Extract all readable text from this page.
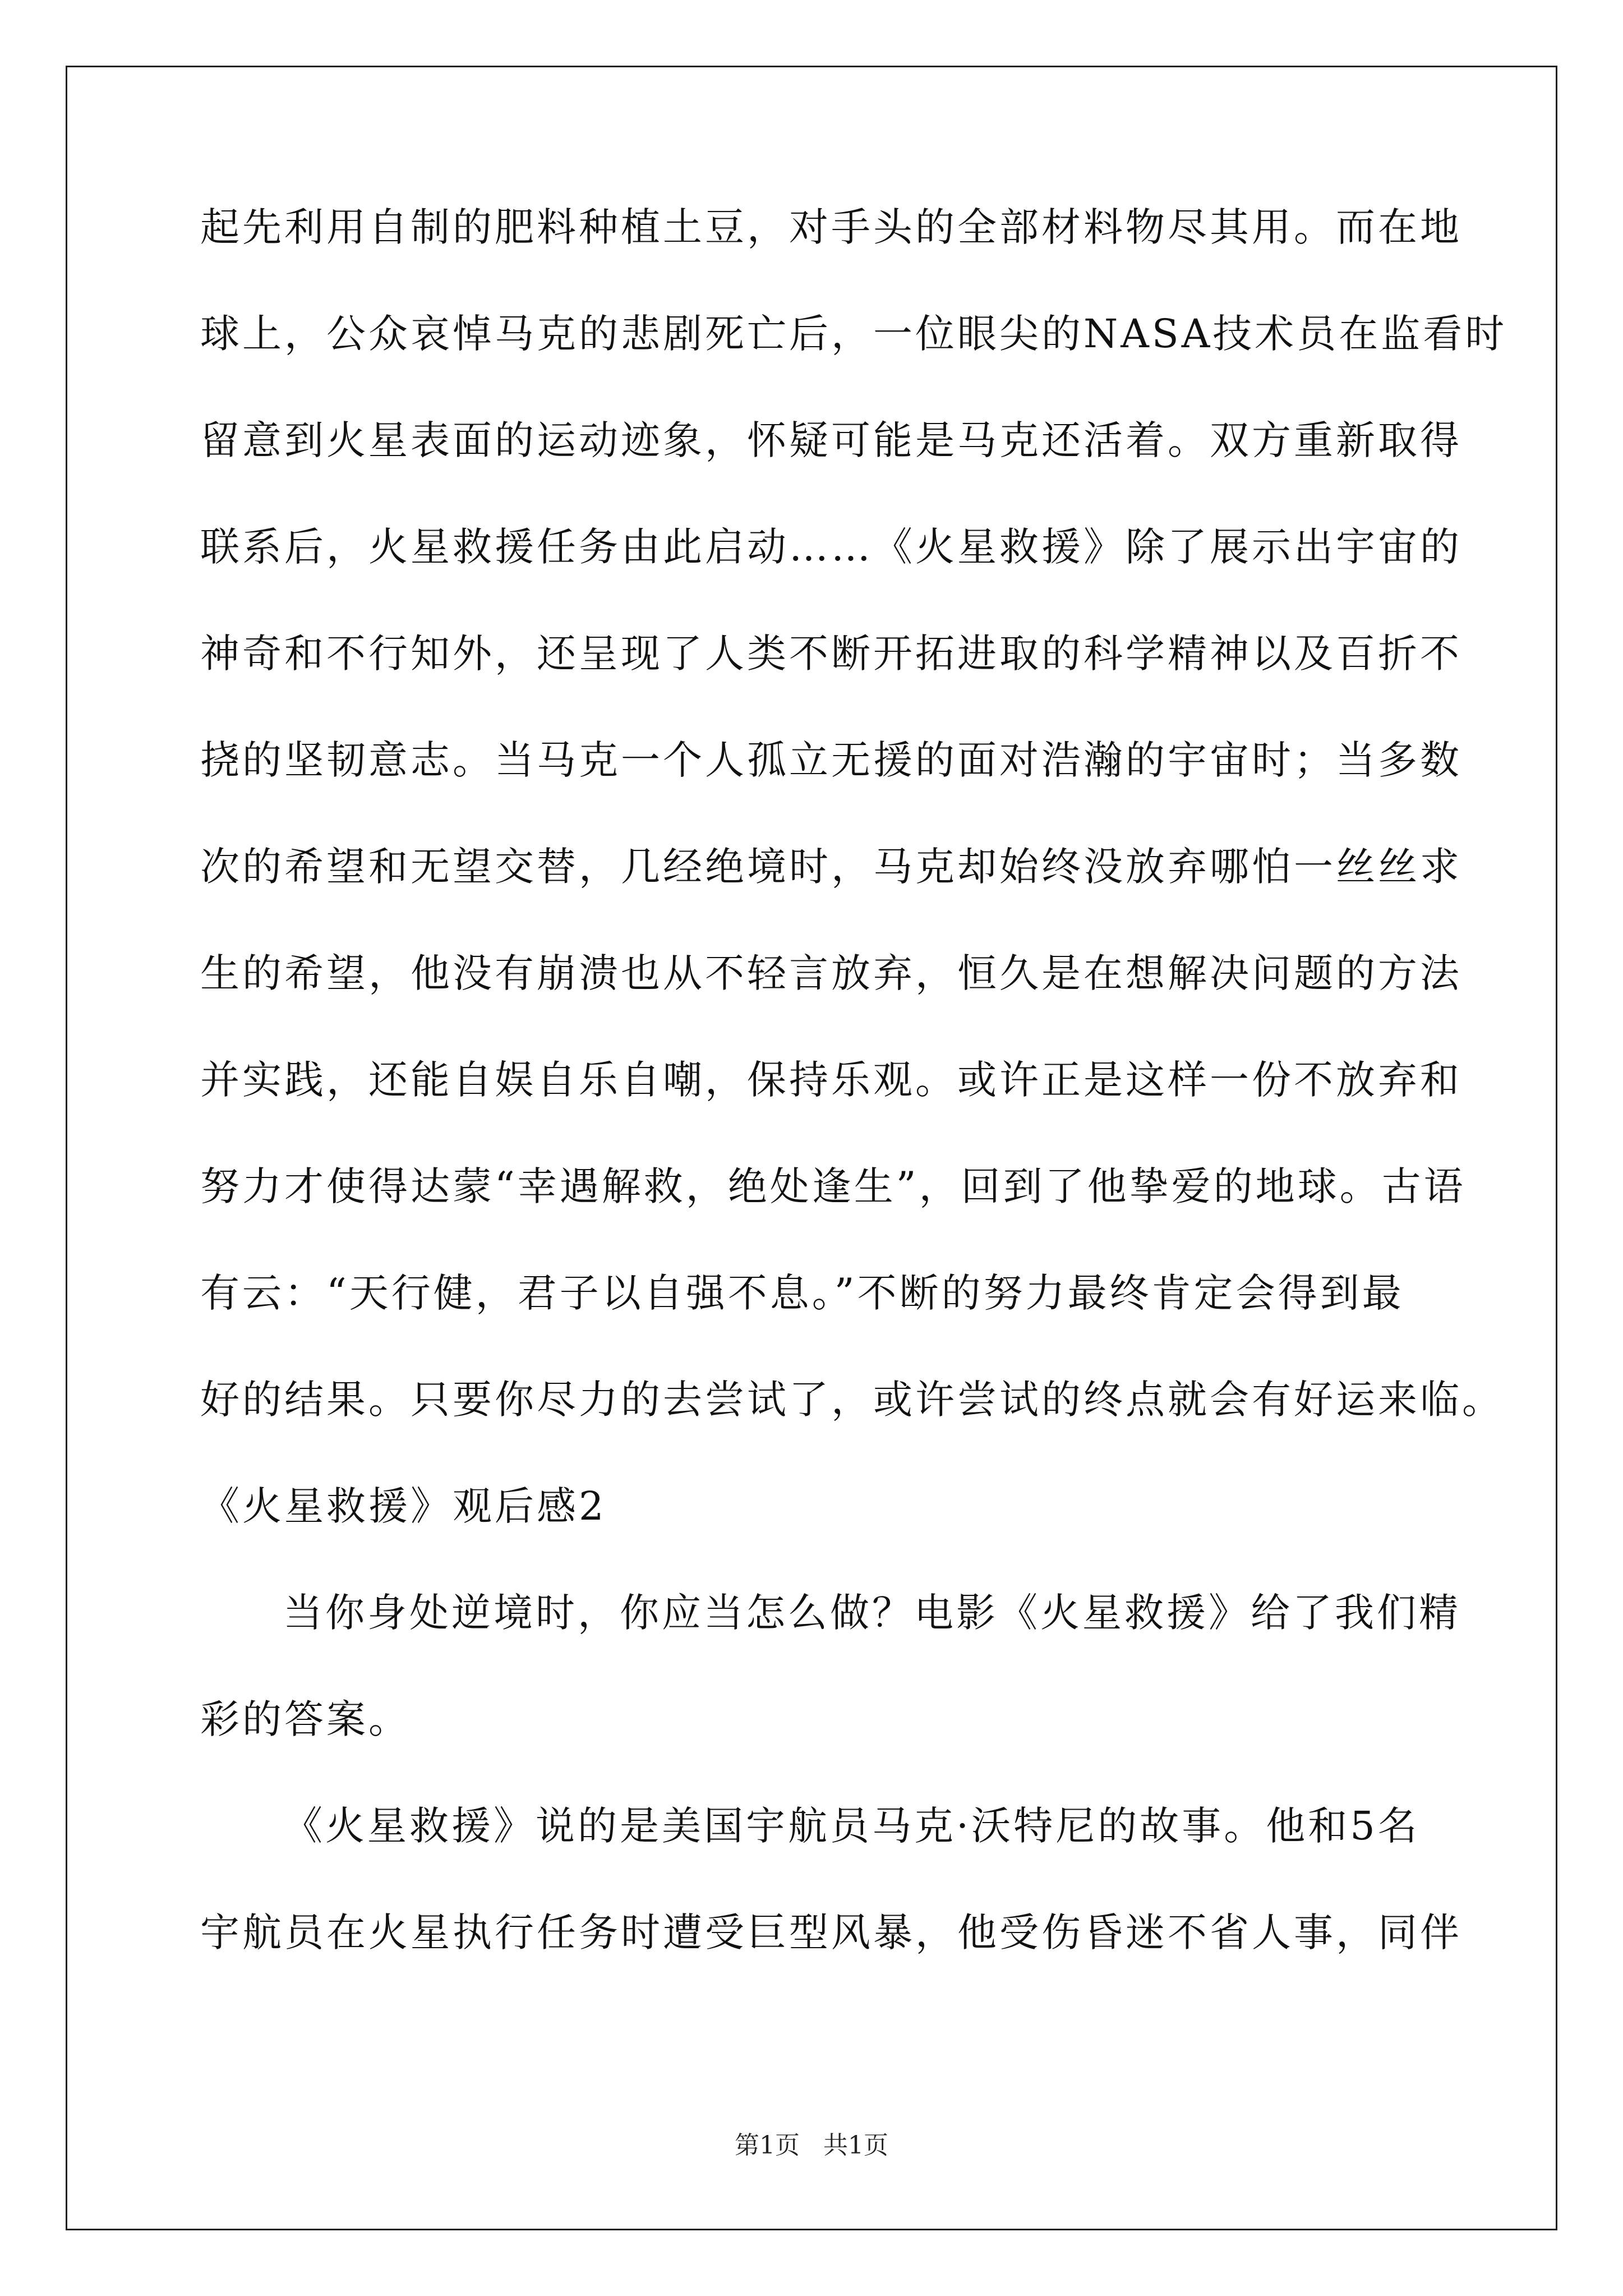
起先利用自制的肥料种植土豆，对手头的全部材料物尽其用。而在地
球上，公众哀悼马克的悲剧死亡后，一位眼尖的NASA技术员在监看时
留意到火星表面的运动迹象，怀疑可能是马克还活着。双方重新取得
联系后，火星救援任务由此启动……《火星救援》除了展示出宇宙的
神奇和不行知外，还呈现了人类不断开拓进取的科学精神以及百折不
挠的坚韧意志。当马克一个人孤立无援的面对浩瀚的宇宙时；当多数
次的希望和无望交替，几经绝境时，马克却始终没放弃哪怕一丝丝求
生的希望，他没有崩溃也从不轻言放弃，恒久是在想解决问题的方法
并实践，还能自娱自乐自嘲，保持乐观。或许正是这样一份不放弃和
努力才使得达蒙“幸遇解救，绝处逢生”，回到了他挚爱的地球。古语
有云：“天行健，君子以自强不息。”不断的努力最终肯定会得到最
好的结果。只要你尽力的去尝试了，或许尝试的终点就会有好运来临。
《火星救援》观后感2
当你身处逆境时，你应当怎么做？电影《火星救援》给了我们精
彩的答案。
《火星救援》说的是美国宇航员马克·沃特尼的故事。他和5名
宇航员在火星执行任务时遭受巨型风暴，他受伤昏迷不省人事，同伴
第1页 共1页
